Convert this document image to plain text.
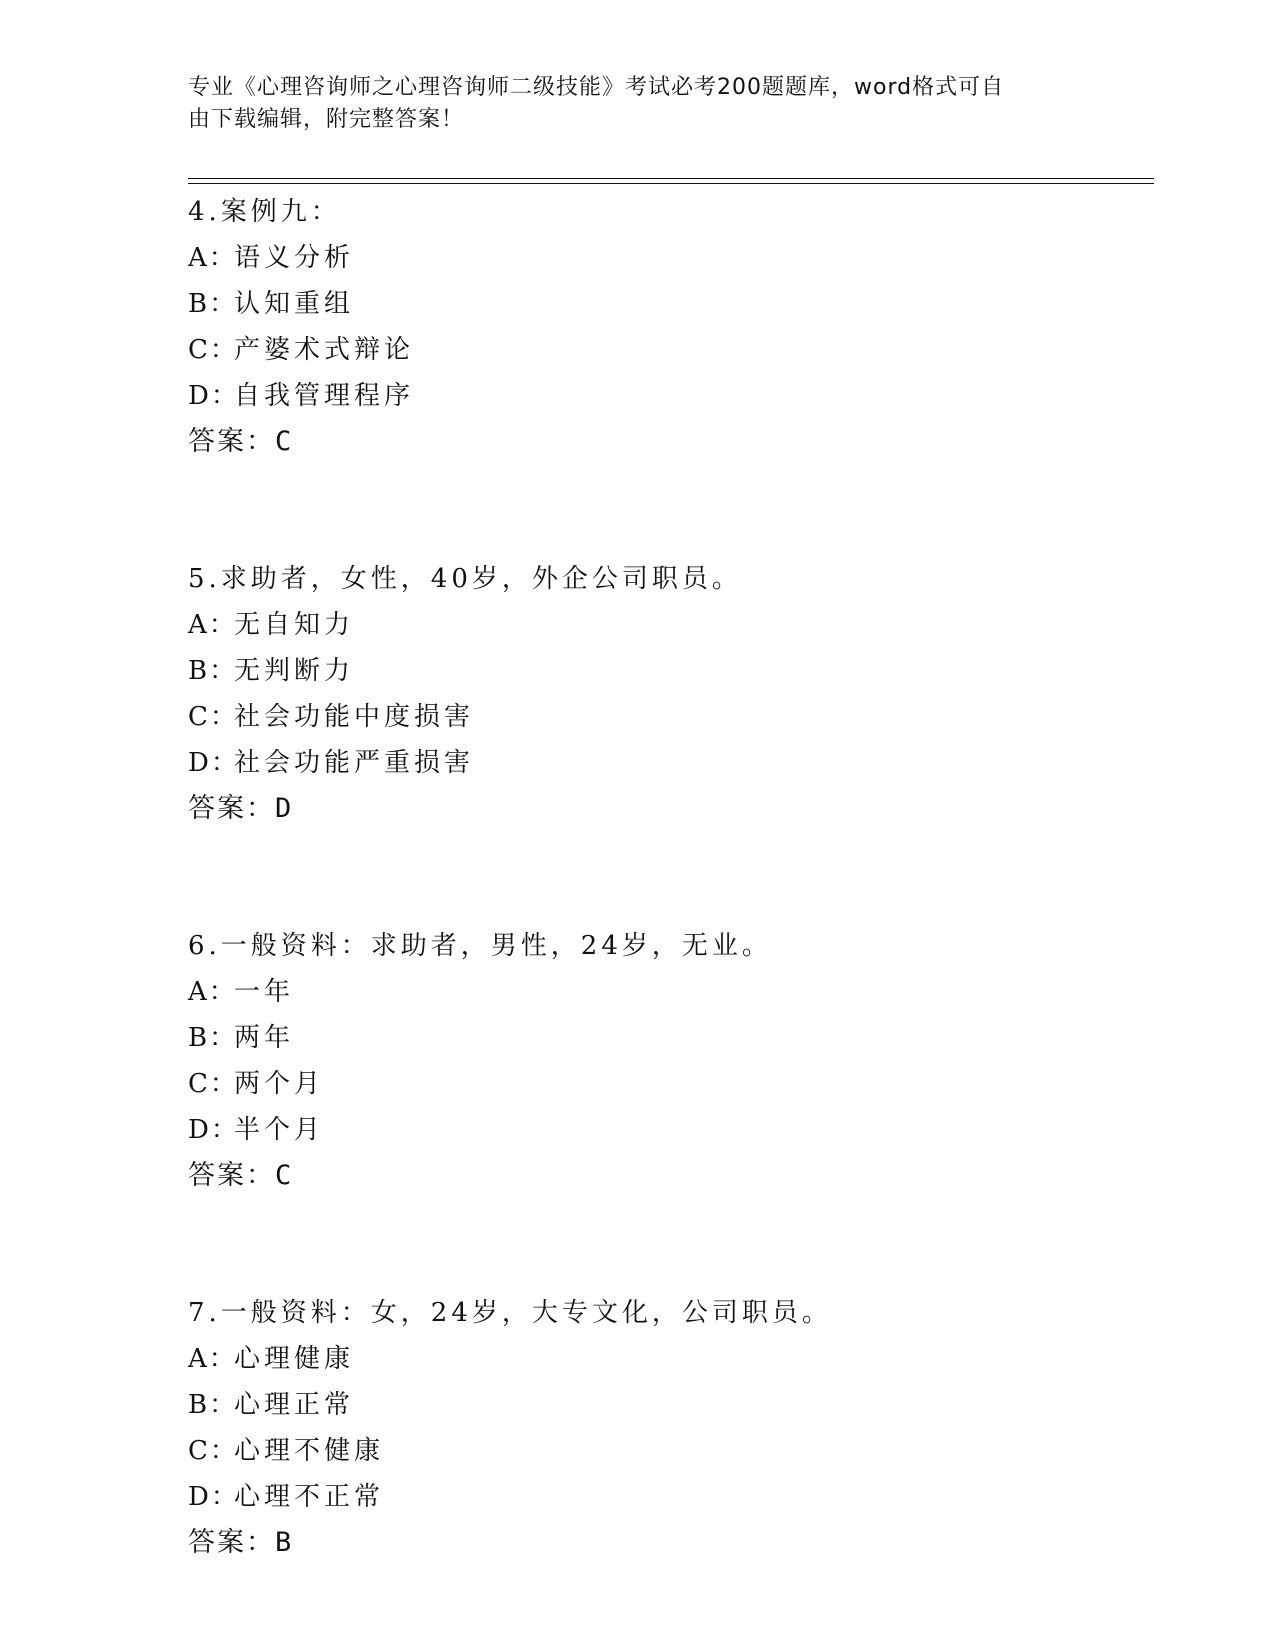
专业《心理咨询师之心理咨询师二级技能》考试必考200题题库，word格式可自
由下载编辑，附完整答案！
4.案例九：
A：语义分析
B：认知重组
C：产婆术式辩论
D：自我管理程序
答案：C
5.求助者，女性，40岁，外企公司职员。
A：无自知力
B：无判断力
C：社会功能中度损害
D：社会功能严重损害
答案：D
6.一般资料：求助者，男性，24岁，无业。
A：一年
B：两年
C：两个月
D：半个月
答案：C
7.一般资料：女，24岁，大专文化，公司职员。
A：心理健康
B：心理正常
C：心理不健康
D：心理不正常
答案：B
